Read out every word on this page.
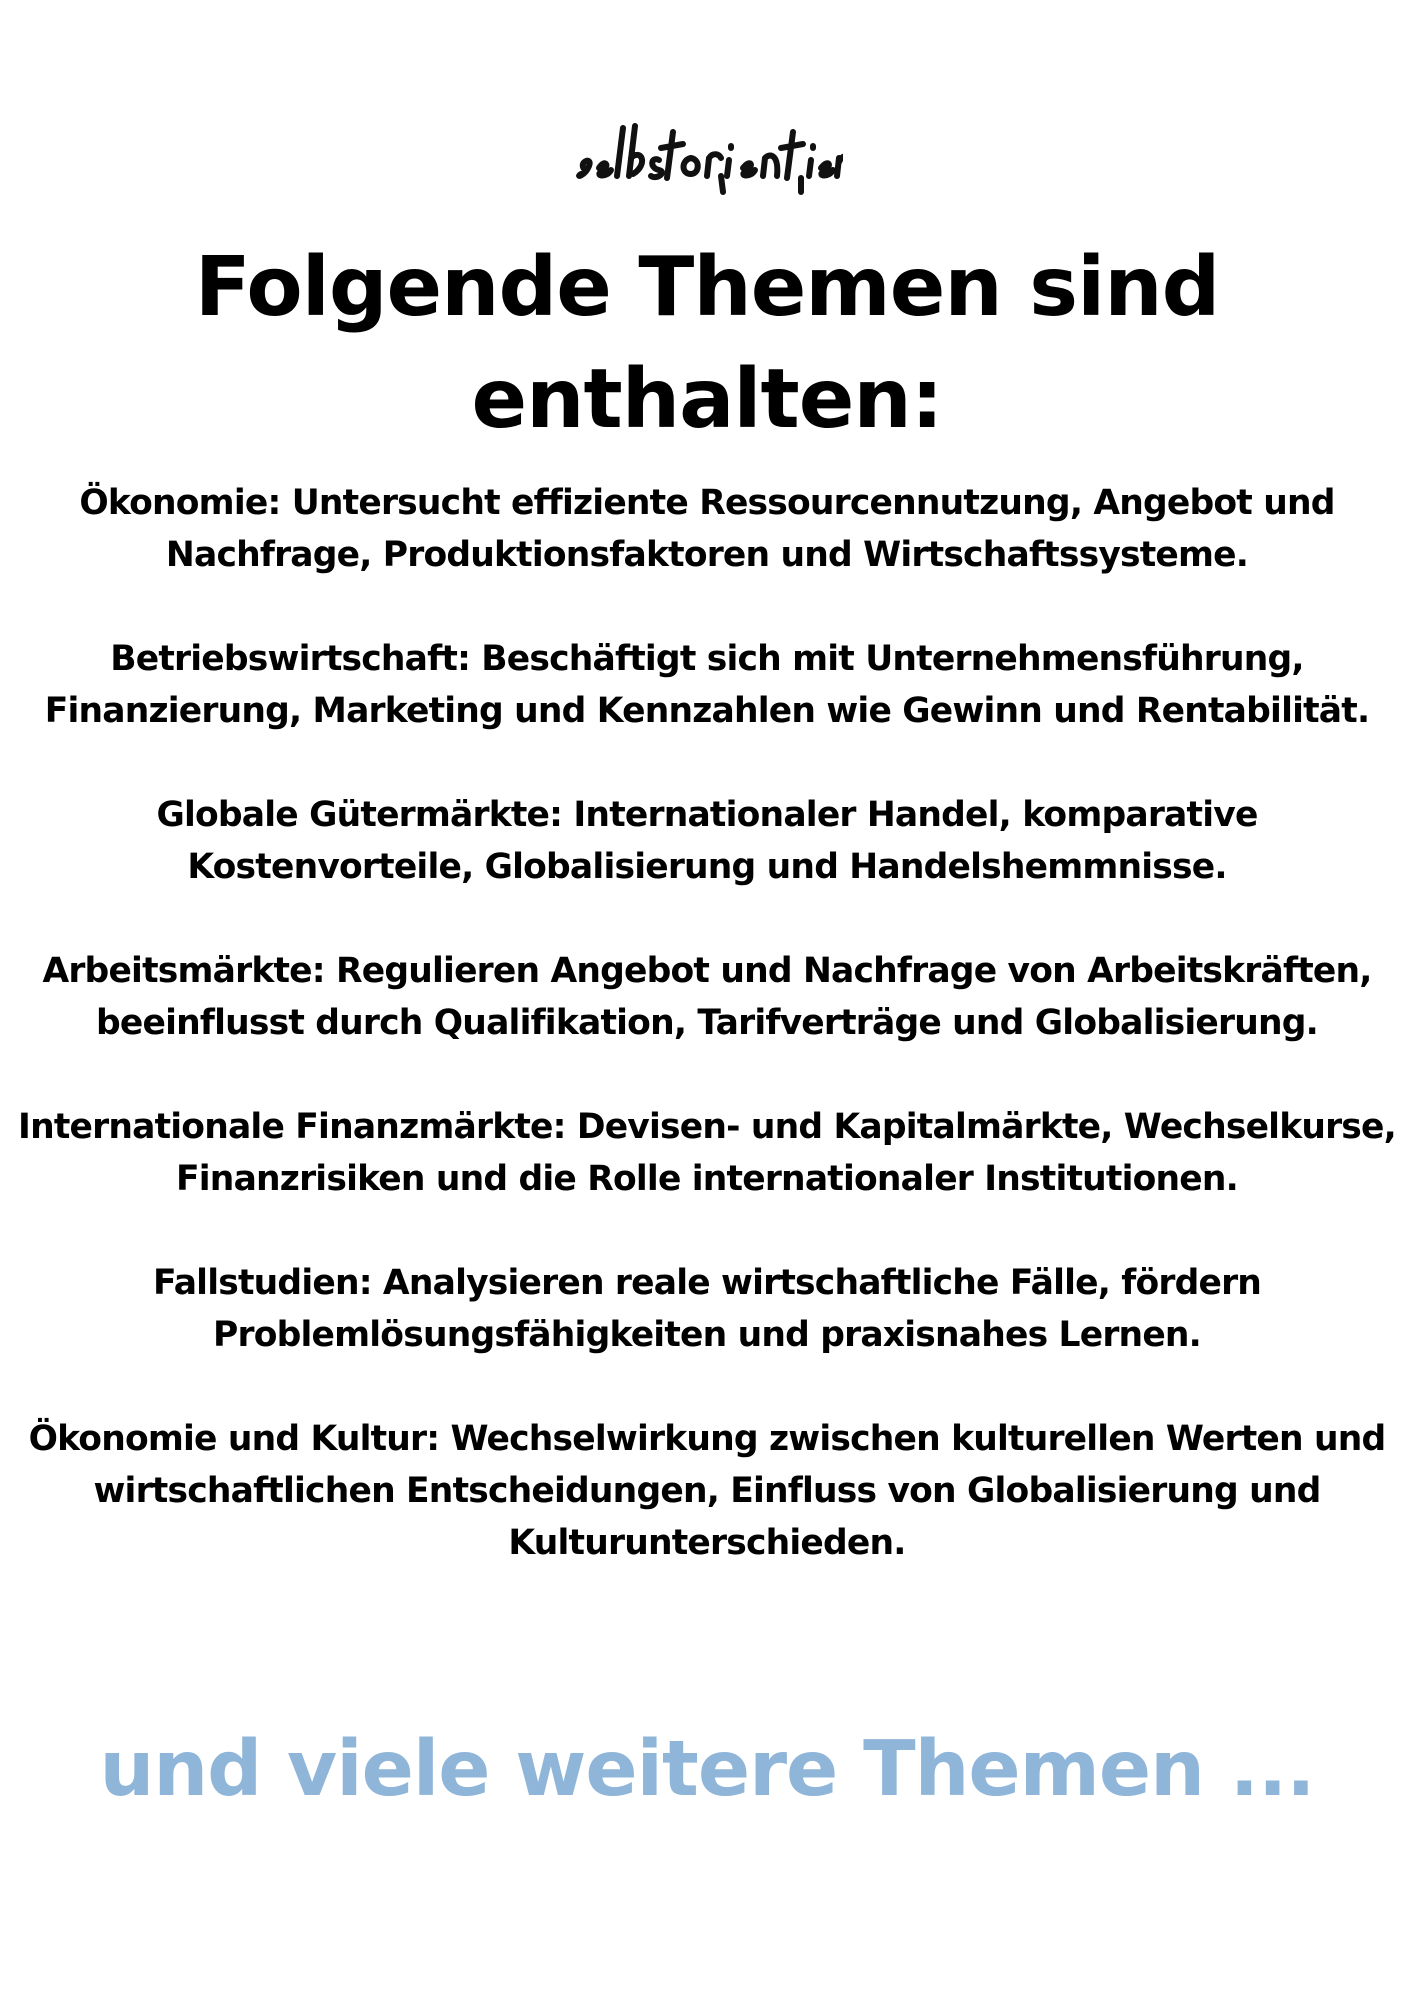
Folgende Themen sind enthalten:

Ökonomie: Untersucht effiziente Ressourcennutzung, Angebot und Nachfrage, Produktionsfaktoren und Wirtschaftssysteme.

Betriebswirtschaft: Beschäftigt sich mit Unternehmensführung, Finanzierung, Marketing und Kennzahlen wie Gewinn und Rentabilität.

Globale Gütermärkte: Internationaler Handel, komparative Kostenvorteile, Globalisierung und Handelshemmnisse.

Arbeitsmärkte: Regulieren Angebot und Nachfrage von Arbeitskräften, beeinflusst durch Qualifikation, Tarifverträge und Globalisierung.

Internationale Finanzmärkte: Devisen- und Kapitalmärkte, Wechselkurse, Finanzrisiken und die Rolle internationaler Institutionen.

Fallstudien: Analysieren reale wirtschaftliche Fälle, fördern Problemlösungsfähigkeiten und praxisnahes Lernen.

Ökonomie und Kultur: Wechselwirkung zwischen kulturellen Werten und wirtschaftlichen Entscheidungen, Einfluss von Globalisierung und Kulturunterschieden.

und viele weitere Themen ...
